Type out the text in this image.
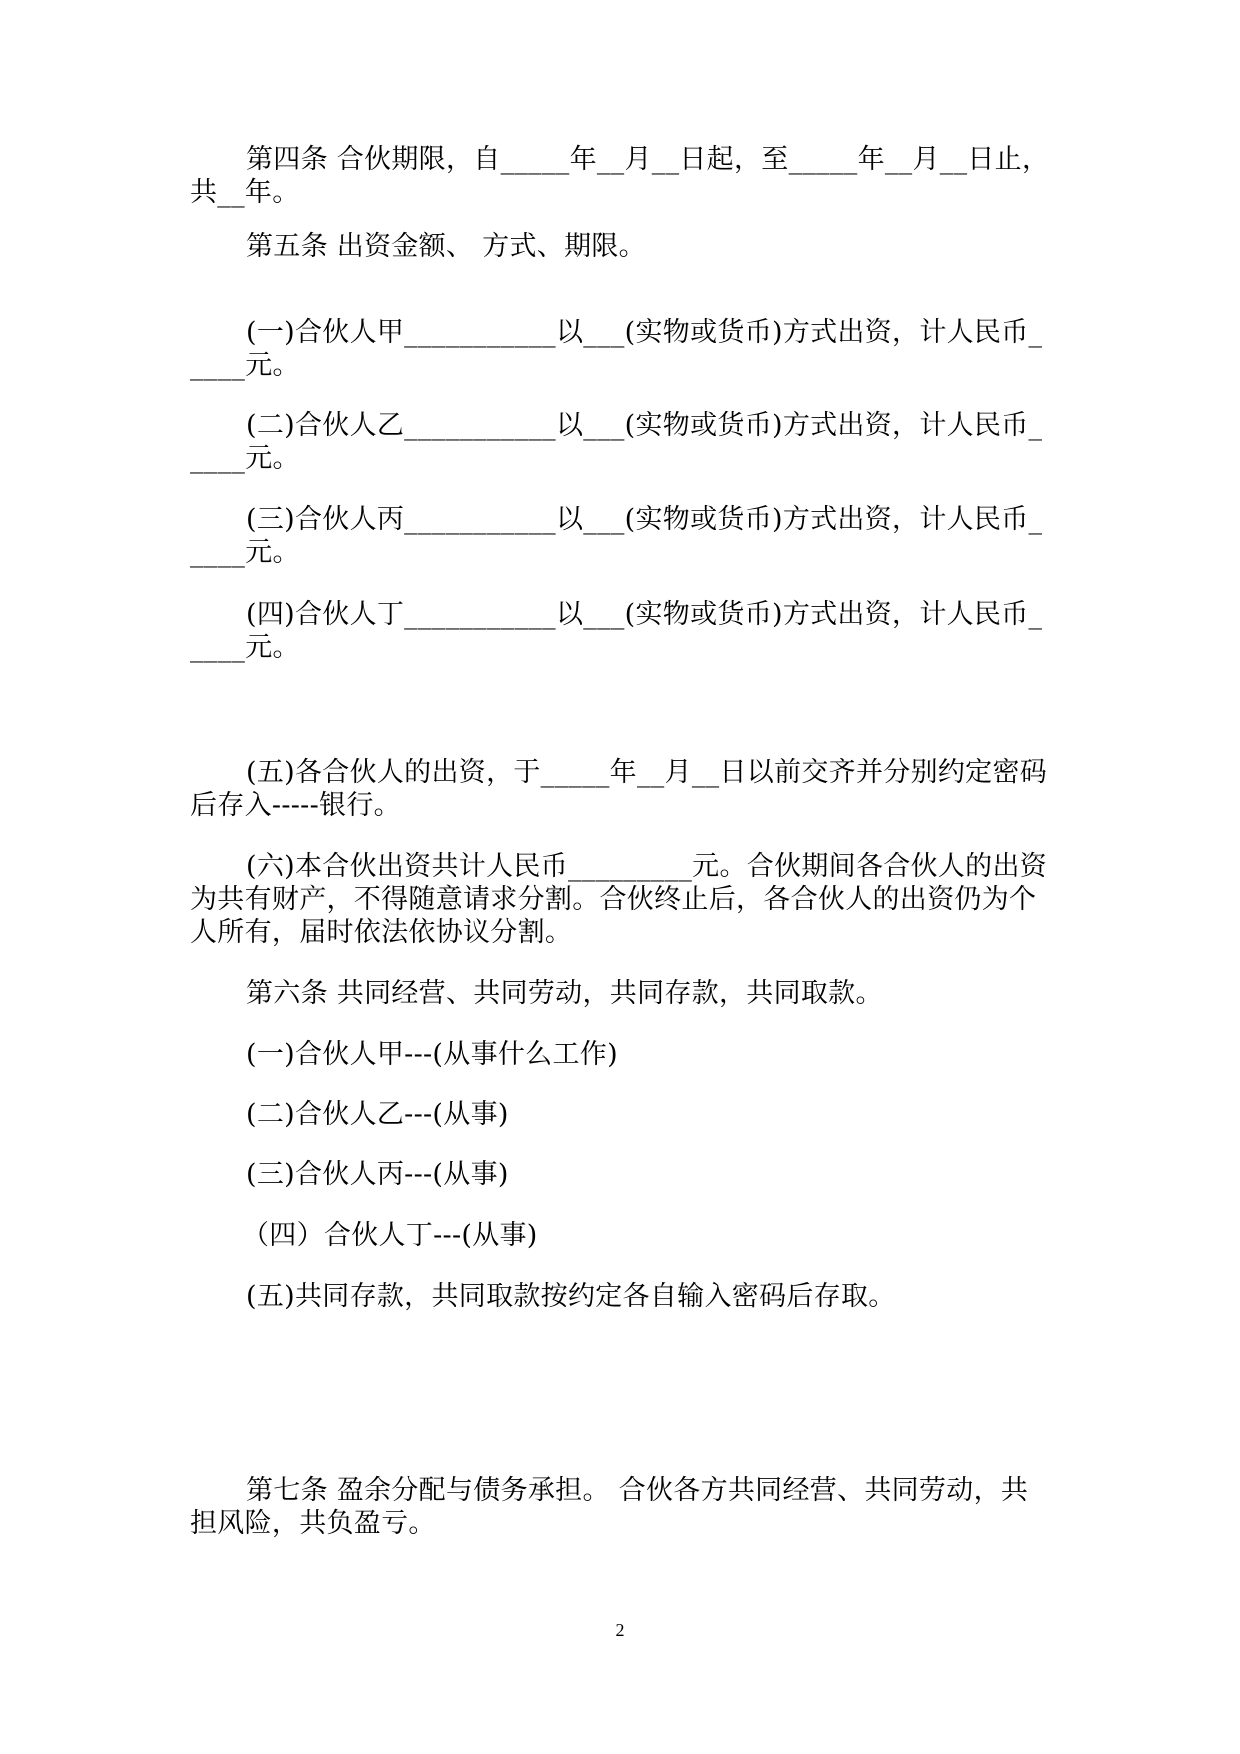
第四条 合伙期限，自_____年__月__日起，至_____年__月__日止，共__年。

第五条 出资金额、 方式、期限。

(一)合伙人甲___________以___(实物或货币)方式出资，计人民币_____元。

(二)合伙人乙___________以___(实物或货币)方式出资，计人民币_____元。

(三)合伙人丙___________以___(实物或货币)方式出资，计人民币_____元。

(四)合伙人丁___________以___(实物或货币)方式出资，计人民币_____元。

(五)各合伙人的出资，于_____年__月__日以前交齐并分别约定密码后存入-----银行。

(六)本合伙出资共计人民币_________元。合伙期间各合伙人的出资为共有财产，不得随意请求分割。合伙终止后，各合伙人的出资仍为个人所有，届时依法依协议分割。

第六条 共同经营、共同劳动，共同存款，共同取款。

(一)合伙人甲---(从事什么工作)

(二)合伙人乙---(从事)

(三)合伙人丙---(从事)

（四）合伙人丁---(从事)

(五)共同存款，共同取款按约定各自输入密码后存取。

第七条 盈余分配与债务承担。 合伙各方共同经营、共同劳动，共担风险，共负盈亏。

2
